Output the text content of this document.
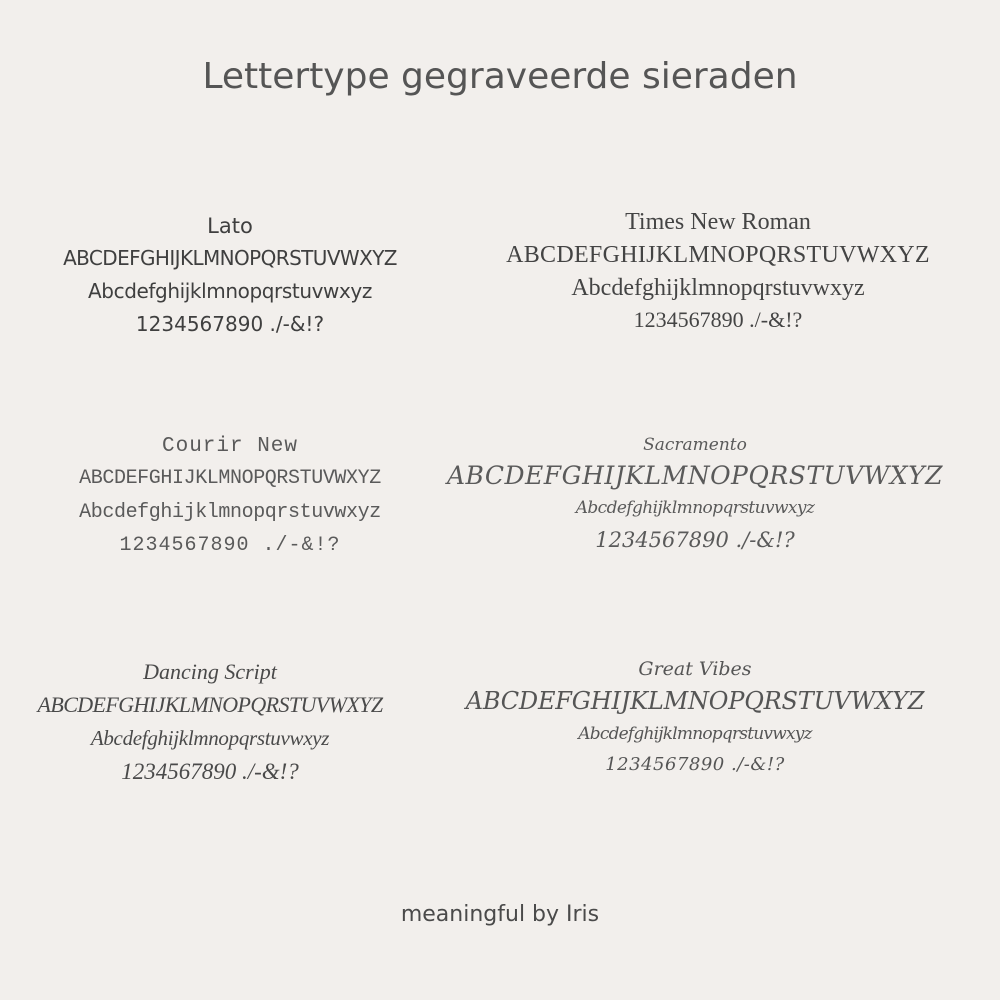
Lettertype gegraveerde sieraden
Lato
ABCDEFGHIJKLMNOPQRSTUVWXYZ
Abcdefghijklmnopqrstuvwxyz
1234567890 ./-&!?
Times New Roman
ABCDEFGHIJKLMNOPQRSTUVWXYZ
Abcdefghijklmnopqrstuvwxyz
1234567890 ./-&!?
Courir New
ABCDEFGHIJKLMNOPQRSTUVWXYZ
Abcdefghijklmnopqrstuvwxyz
1234567890 ./-&!?
Sacramento
ABCDEFGHIJKLMNOPQRSTUVWXYZ
Abcdefghijklmnopqrstuvwxyz
1234567890 ./-&!?
Dancing Script
ABCDEFGHIJKLMNOPQRSTUVWXYZ
Abcdefghijklmnopqrstuvwxyz
1234567890 ./-&!?
Great Vibes
ABCDEFGHIJKLMNOPQRSTUVWXYZ
Abcdefghijklmnopqrstuvwxyz
1234567890 ./-&!?
meaningful by Iris
